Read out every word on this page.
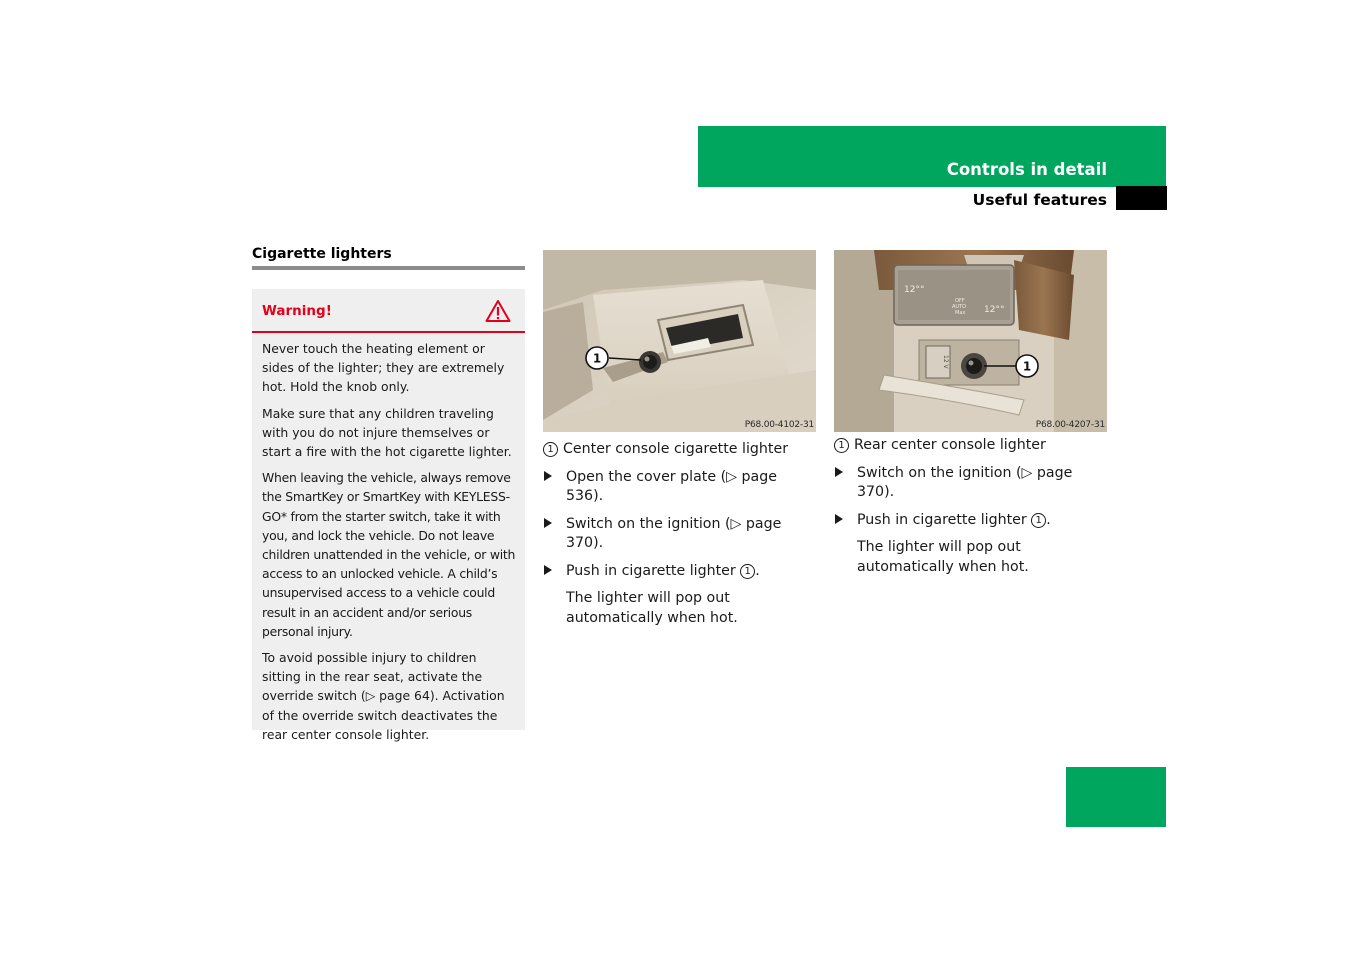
Controls in detail
Useful features
Cigarette lighters
Warning!

Never touch the heating element or sides of the lighter; they are extremely hot. Hold the knob only.

Make sure that any children traveling with you do not injure themselves or start a fire with the hot cigarette lighter.

When leaving the vehicle, always remove the SmartKey or SmartKey with KEYLESS-GO* from the starter switch, take it with you, and lock the vehicle. Do not leave children unattended in the vehicle, or with access to an unlocked vehicle. A child’s unsupervised access to a vehicle could result in an accident and/or serious personal injury.

To avoid possible injury to children sitting in the rear seat, activate the override switch (▷ page 64). Activation of the override switch deactivates the rear center console lighter.

1
P68.00-4102-31
12°°
OFF
AUTO
Max 12°°
12 V	1
P68.00-4207-31

1 Center console cigarette lighter

Open the cover plate (▷ page 536).

Switch on the ignition (▷ page 370).

Push in cigarette lighter 1 .

The lighter will pop out automatically when hot.

1 Rear center console lighter

Switch on the ignition (▷ page 370).

Push in cigarette lighter 1 .

The lighter will pop out automatically when hot.

537
